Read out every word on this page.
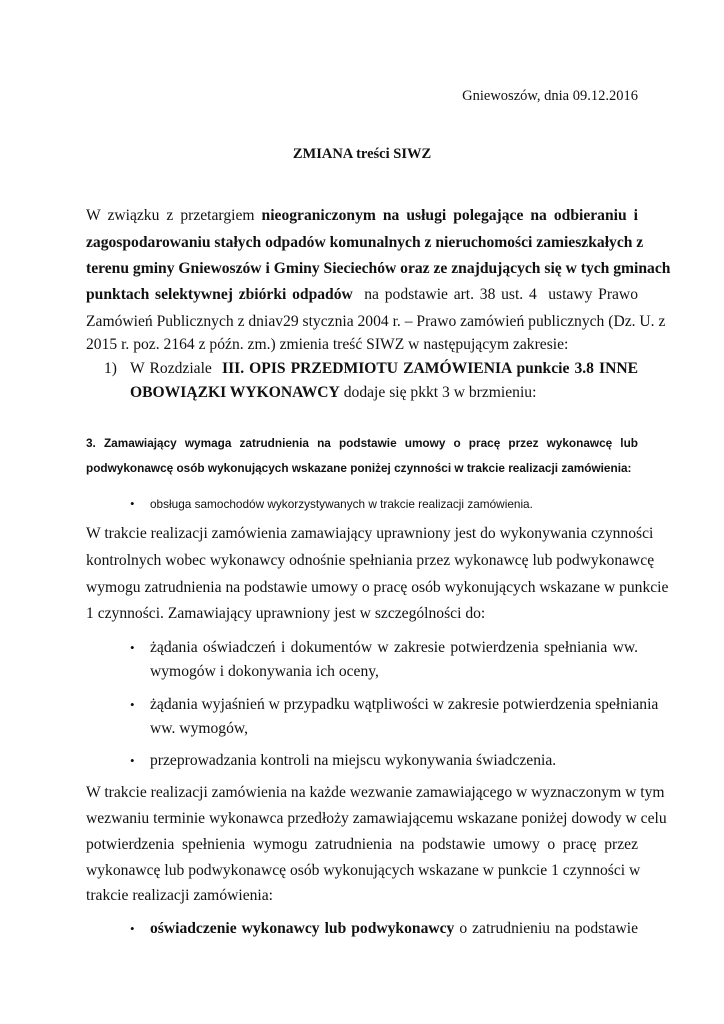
Gniewoszów, dnia 09.12.2016
ZMIANA treści SIWZ
W związku z przetargiem nieograniczonym na usługi polegające na odbieraniu i
zagospodarowaniu stałych odpadów komunalnych z nieruchomości zamieszkałych z
terenu gminy Gniewoszów i Gminy Sieciechów oraz ze znajdujących się w tych gminach
punktach selektywnej zbiórki odpadów  na podstawie art. 38 ust. 4  ustawy Prawo
Zamówień Publicznych z dniav29 stycznia 2004 r. – Prawo zamówień publicznych (Dz. U. z
2015 r. poz. 2164 z późn. zm.) zmienia treść SIWZ w następującym zakresie:
1) W Rozdziale  III. OPIS PRZEDMIOTU ZAMÓWIENIA punkcie 3.8 INNE
OBOWIĄZKI WYKONAWCY dodaje się pkkt 3 w brzmieniu:
3. Zamawiający wymaga zatrudnienia na podstawie umowy o pracę przez wykonawcę lub
podwykonawcę osób wykonujących wskazane poniżej czynności w trakcie realizacji zamówienia:
• obsługa samochodów wykorzystywanych w trakcie realizacji zamówienia.
W trakcie realizacji zamówienia zamawiający uprawniony jest do wykonywania czynności
kontrolnych wobec wykonawcy odnośnie spełniania przez wykonawcę lub podwykonawcę
wymogu zatrudnienia na podstawie umowy o pracę osób wykonujących wskazane w punkcie
1 czynności. Zamawiający uprawniony jest w szczególności do:
• żądania oświadczeń i dokumentów w zakresie potwierdzenia spełniania ww.
wymogów i dokonywania ich oceny,
• żądania wyjaśnień w przypadku wątpliwości w zakresie potwierdzenia spełniania
ww. wymogów,
• przeprowadzania kontroli na miejscu wykonywania świadczenia.
W trakcie realizacji zamówienia na każde wezwanie zamawiającego w wyznaczonym w tym
wezwaniu terminie wykonawca przedłoży zamawiającemu wskazane poniżej dowody w celu
potwierdzenia spełnienia wymogu zatrudnienia na podstawie umowy o pracę przez
wykonawcę lub podwykonawcę osób wykonujących wskazane w punkcie 1 czynności w
trakcie realizacji zamówienia:
• oświadczenie wykonawcy lub podwykonawcy o zatrudnieniu na podstawie
